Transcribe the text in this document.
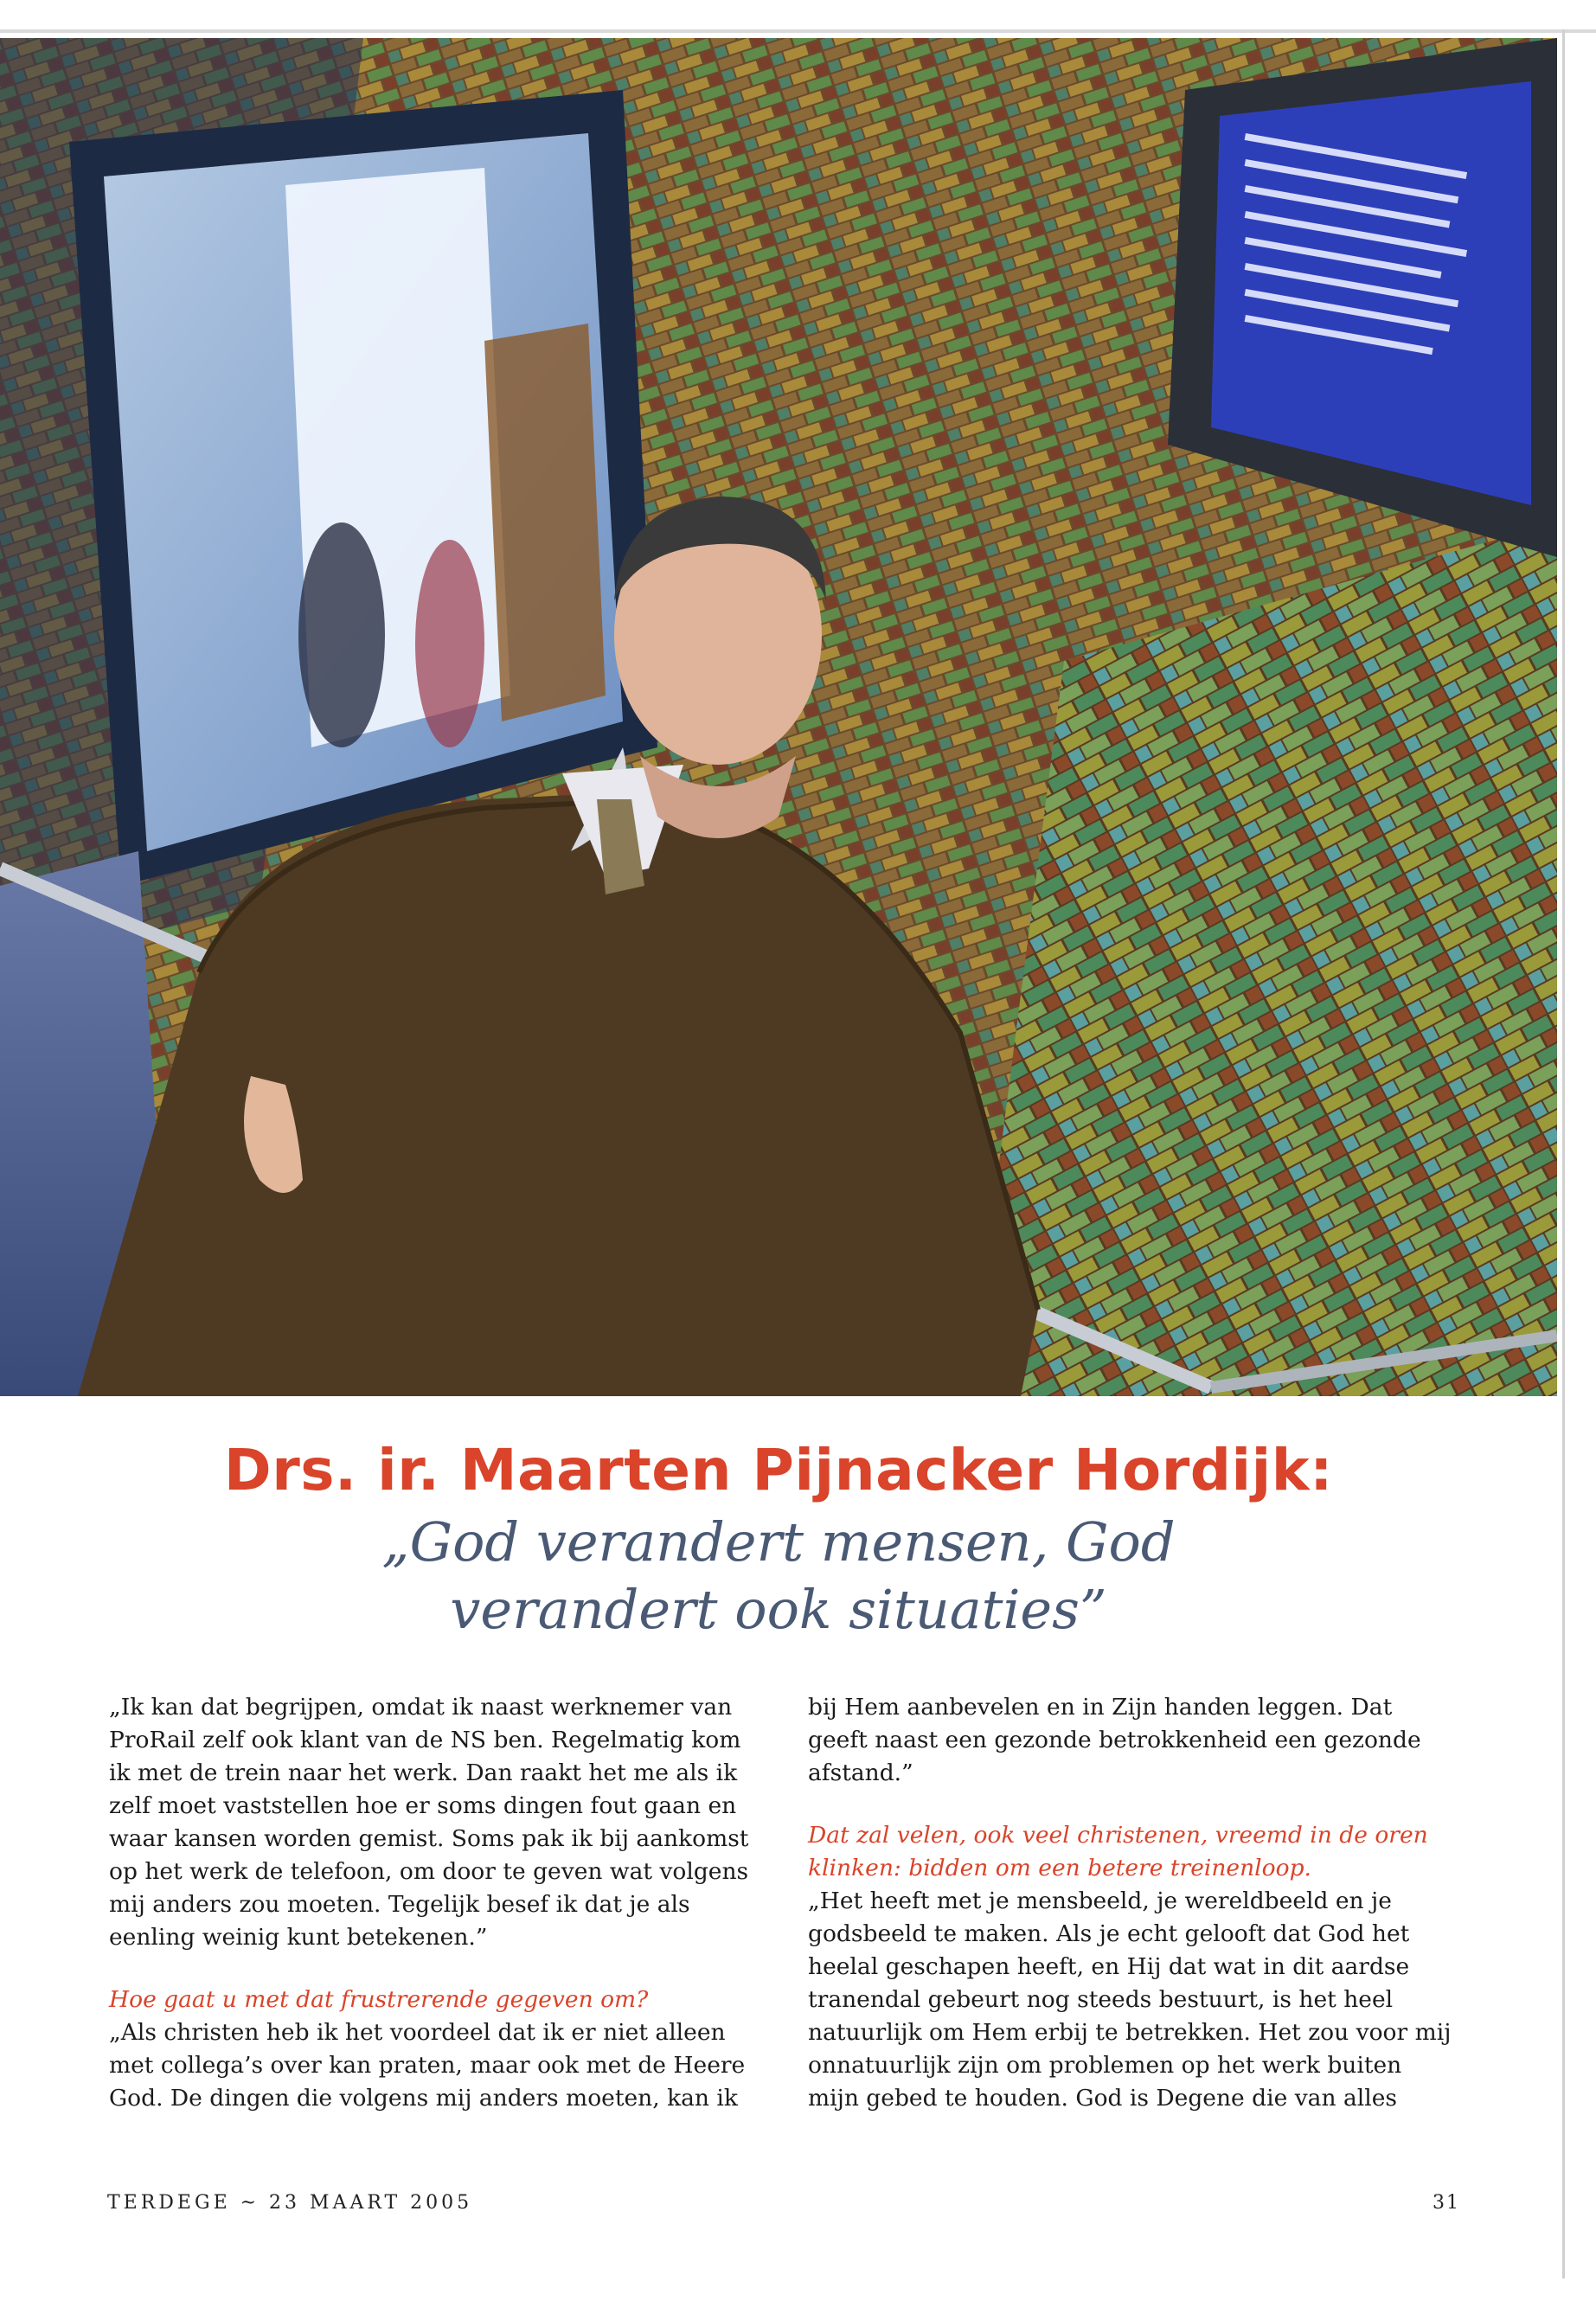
Drs. ir. Maarten Pijnacker Hordijk:
„God verandert mensen, God verandert ook situaties”

„Ik kan dat begrijpen, omdat ik naast werknemer van ProRail zelf ook klant van de NS ben. Regelmatig kom ik met de trein naar het werk. Dan raakt het me als ik zelf moet vaststellen hoe er soms dingen fout gaan en waar kansen worden gemist. Soms pak ik bij aankomst op het werk de telefoon, om door te geven wat volgens mij anders zou moeten. Tegelijk besef ik dat je als eenling weinig kunt betekenen.”

Hoe gaat u met dat frustrerende gegeven om?

„Als christen heb ik het voordeel dat ik er niet alleen met collega’s over kan praten, maar ook met de Heere God. De dingen die volgens mij anders moeten, kan ik

bij Hem aanbevelen en in Zijn handen leggen. Dat geeft naast een gezonde betrokkenheid een gezonde afstand.”

Dat zal velen, ook veel christenen, vreemd in de oren klinken: bidden om een betere treinenloop.

„Het heeft met je mensbeeld, je wereldbeeld en je godsbeeld te maken. Als je echt gelooft dat God het heelal geschapen heeft, en Hij dat wat in dit aardse tranendal gebeurt nog steeds bestuurt, is het heel natuurlijk om Hem erbij te betrekken. Het zou voor mij onnatuurlijk zijn om problemen op het werk buiten mijn gebed te houden. God is Degene die van alles

TERDEGE ~ 23 MAART 2005	31
